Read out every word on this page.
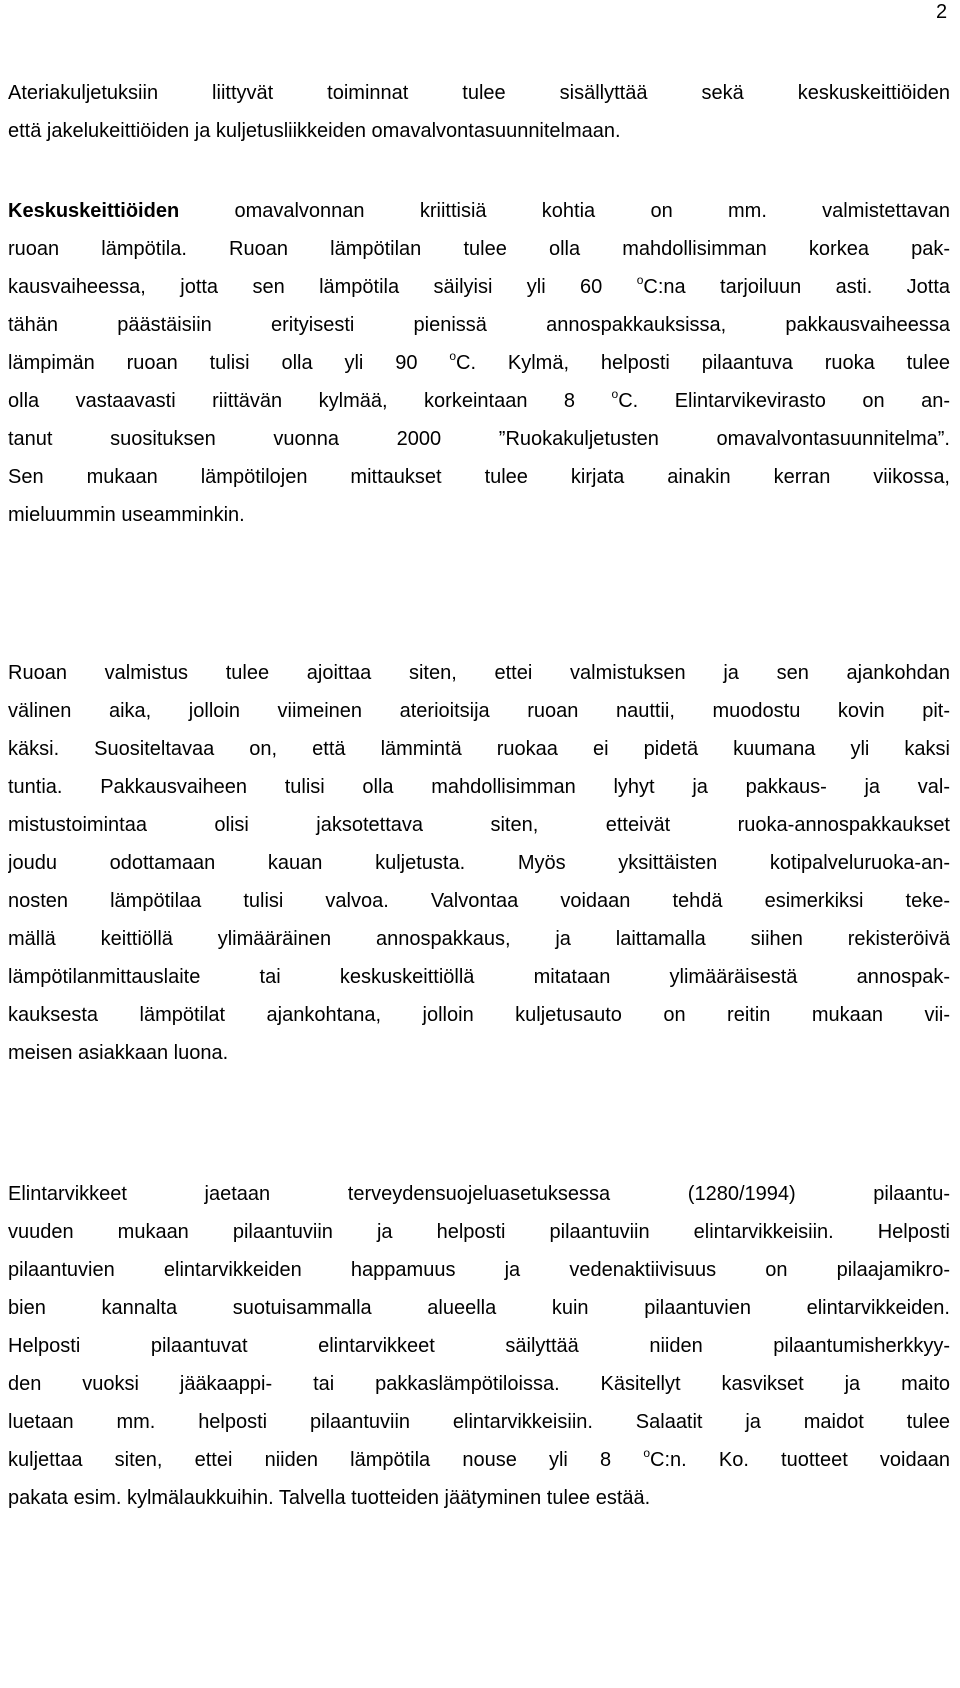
2
Ateriakuljetuksiin liittyvät toiminnat tulee sisällyttää sekä keskuskeittiöiden
että jakelukeittiöiden ja kuljetusliikkeiden omavalvontasuunnitelmaan.
Keskuskeittiöiden omavalvonnan kriittisiä kohtia on mm. valmistettavan
ruoan lämpötila. Ruoan lämpötilan tulee olla mahdollisimman korkea pak-
kausvaiheessa, jotta sen lämpötila säilyisi yli 60 $^o$C:na tarjoiluun asti. Jotta
tähän päästäisiin erityisesti pienissä annospakkauksissa, pakkausvaiheessa
lämpimän ruoan tulisi olla yli 90 $^o$C. Kylmä, helposti pilaantuva ruoka tulee
olla vastaavasti riittävän kylmää, korkeintaan 8 $^o$C. Elintarvikevirasto on an-
tanut suosituksen vuonna 2000 ”Ruokakuljetusten omavalvontasuunnitelma”.
Sen mukaan lämpötilojen mittaukset tulee kirjata ainakin kerran viikossa,
mieluummin useamminkin.
Ruoan valmistus tulee ajoittaa siten, ettei valmistuksen ja sen ajankohdan
välinen aika, jolloin viimeinen aterioitsija ruoan nauttii, muodostu kovin pit-
käksi. Suositeltavaa on, että lämmintä ruokaa ei pidetä kuumana yli kaksi
tuntia. Pakkausvaiheen tulisi olla mahdollisimman lyhyt ja pakkaus- ja val-
mistustoimintaa olisi jaksotettava siten, etteivät ruoka-annospakkaukset
joudu odottamaan kauan kuljetusta. Myös yksittäisten kotipalveluruoka-an-
nosten lämpötilaa tulisi valvoa. Valvontaa voidaan tehdä esimerkiksi teke-
mällä keittiöllä ylimääräinen annospakkaus, ja laittamalla siihen rekisteröivä
lämpötilanmittauslaite tai keskuskeittiöllä mitataan ylimääräisestä annospak-
kauksesta lämpötilat ajankohtana, jolloin kuljetusauto on reitin mukaan vii-
meisen asiakkaan luona.
Elintarvikkeet jaetaan terveydensuojeluasetuksessa (1280/1994) pilaantu-
vuuden mukaan pilaantuviin ja helposti pilaantuviin elintarvikkeisiin. Helposti
pilaantuvien elintarvikkeiden happamuus ja vedenaktiivisuus on pilaajamikro-
bien kannalta suotuisammalla alueella kuin pilaantuvien elintarvikkeiden.
Helposti pilaantuvat elintarvikkeet säilyttää niiden pilaantumisherkkyy-
den vuoksi jääkaappi- tai pakkaslämpötiloissa. Käsitellyt kasvikset ja maito
luetaan mm. helposti pilaantuviin elintarvikkeisiin. Salaatit ja maidot tulee
kuljettaa siten, ettei niiden lämpötila nouse yli 8 $^o$C:n. Ko. tuotteet voidaan
pakata esim. kylmälaukkuihin. Talvella tuotteiden jäätyminen tulee estää.
